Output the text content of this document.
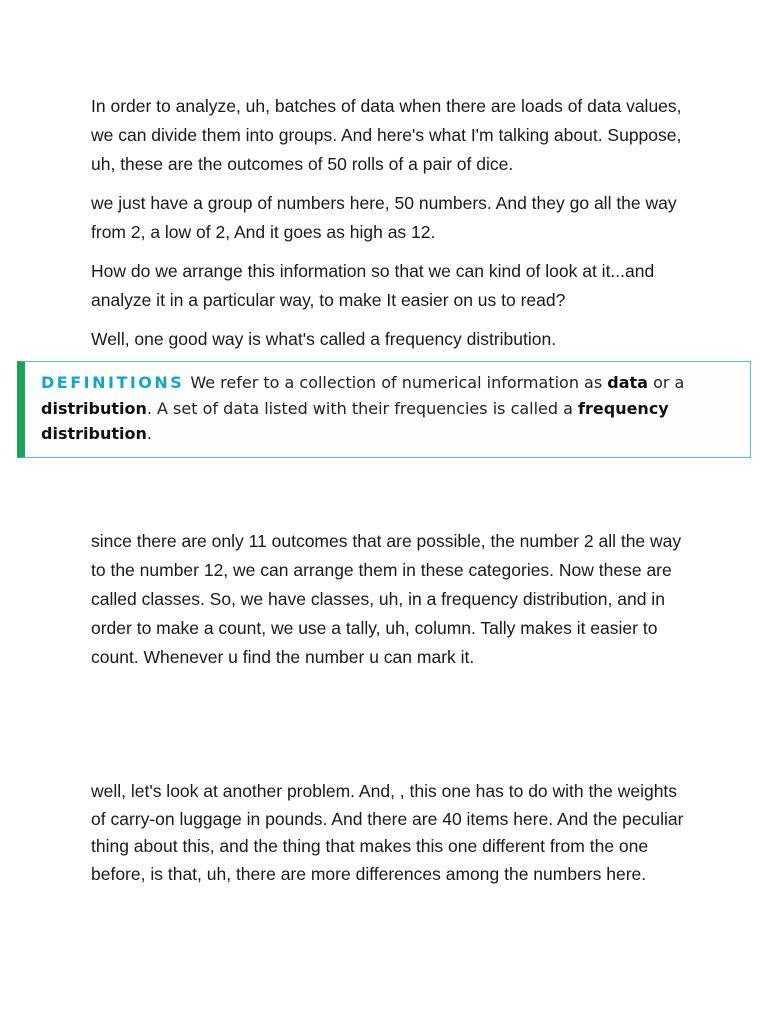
In order to analyze, uh, batches of data when there are loads of data values, we can divide them into groups. And here's what I'm talking about. Suppose, uh, these are the outcomes of 50 rolls of a pair of dice.

we just have a group of numbers here, 50 numbers. And they go all the way from 2, a low of 2, And it goes as high as 12.

How do we arrange this information so that we can kind of look at it...and analyze it in a particular way, to make It easier on us to read?

Well, one good way is what's called a frequency distribution.

DEFINITIONS We refer to a collection of numerical information as data or a distribution. A set of data listed with their frequencies is called a frequency distribution.

since there are only 11 outcomes that are possible, the number 2 all the way to the number 12, we can arrange them in these categories. Now these are called classes. So, we have classes, uh, in a frequency distribution, and in order to make a count, we use a tally, uh, column. Tally makes it easier to count. Whenever u find the number u can mark it.

well, let's look at another problem. And, , this one has to do with the weights of carry-on luggage in pounds. And there are 40 items here. And the peculiar thing about this, and the thing that makes this one different from the one before, is that, uh, there are more differences among the numbers here.
